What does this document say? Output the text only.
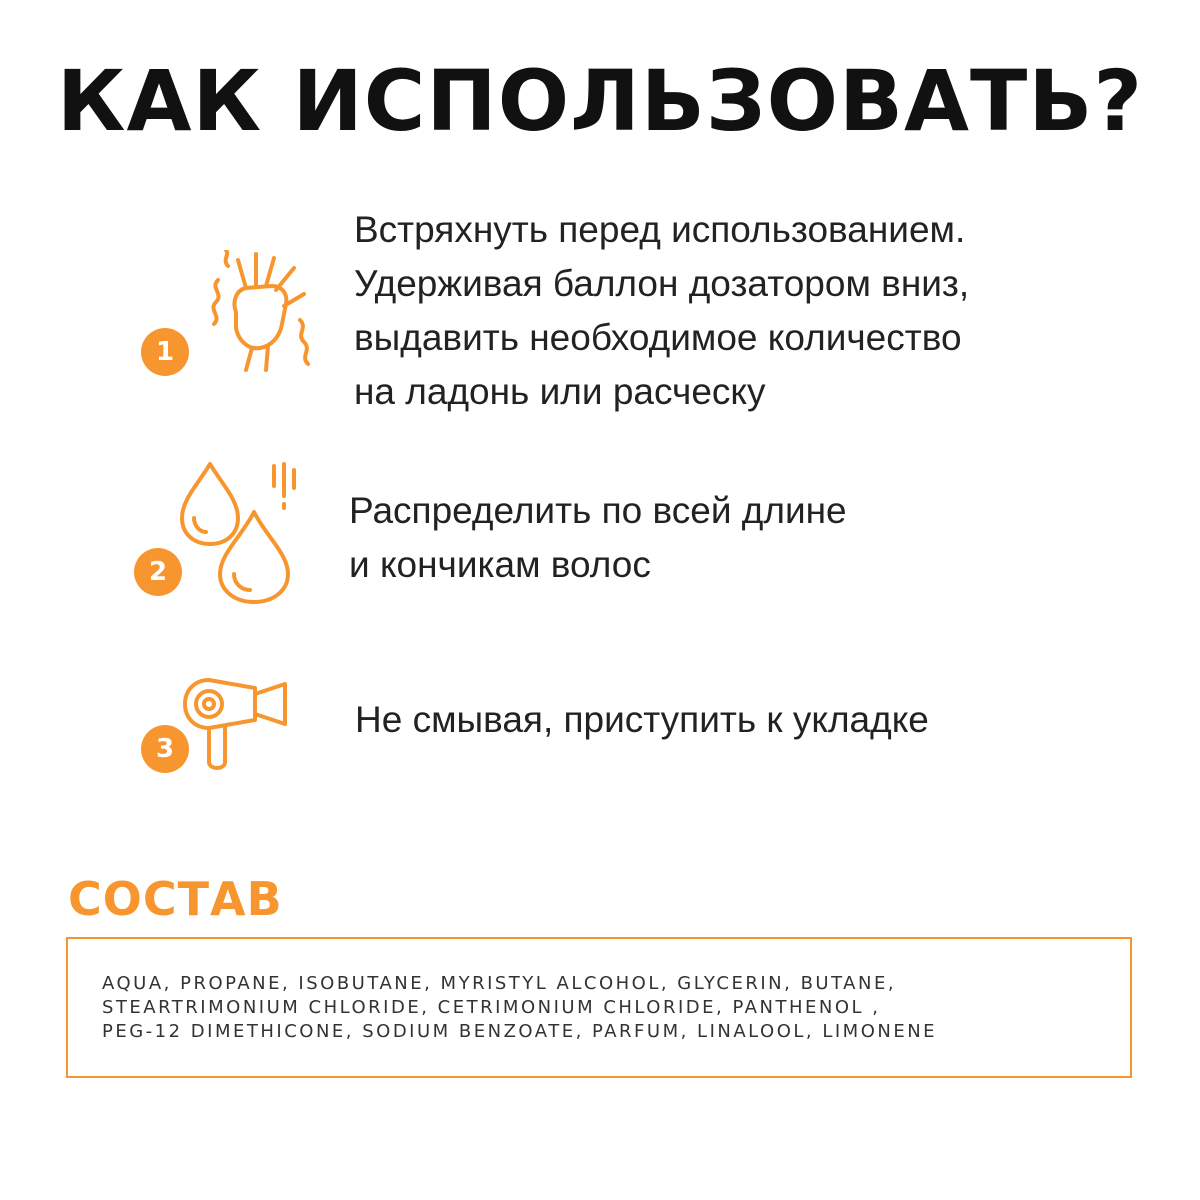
КАК ИСПОЛЬЗОВАТЬ?
1

Встряхнуть перед использованием.
Удерживая баллон дозатором вниз,
выдавить необходимое количество
на ладонь или расческу

2

Распределить по всей длине
и кончикам волос

3

Не смывая, приступить к укладке

СОСТАВ

AQUA, PROPANE, ISOBUTANE, MYRISTYL ALCOHOL, GLYCERIN, BUTANE,
STEARTRIMONIUM CHLORIDE, CETRIMONIUM CHLORIDE, PANTHENOL ,
PEG-12 DIMETHICONE, SODIUM BENZOATE, PARFUM, LINALOOL, LIMONENE
